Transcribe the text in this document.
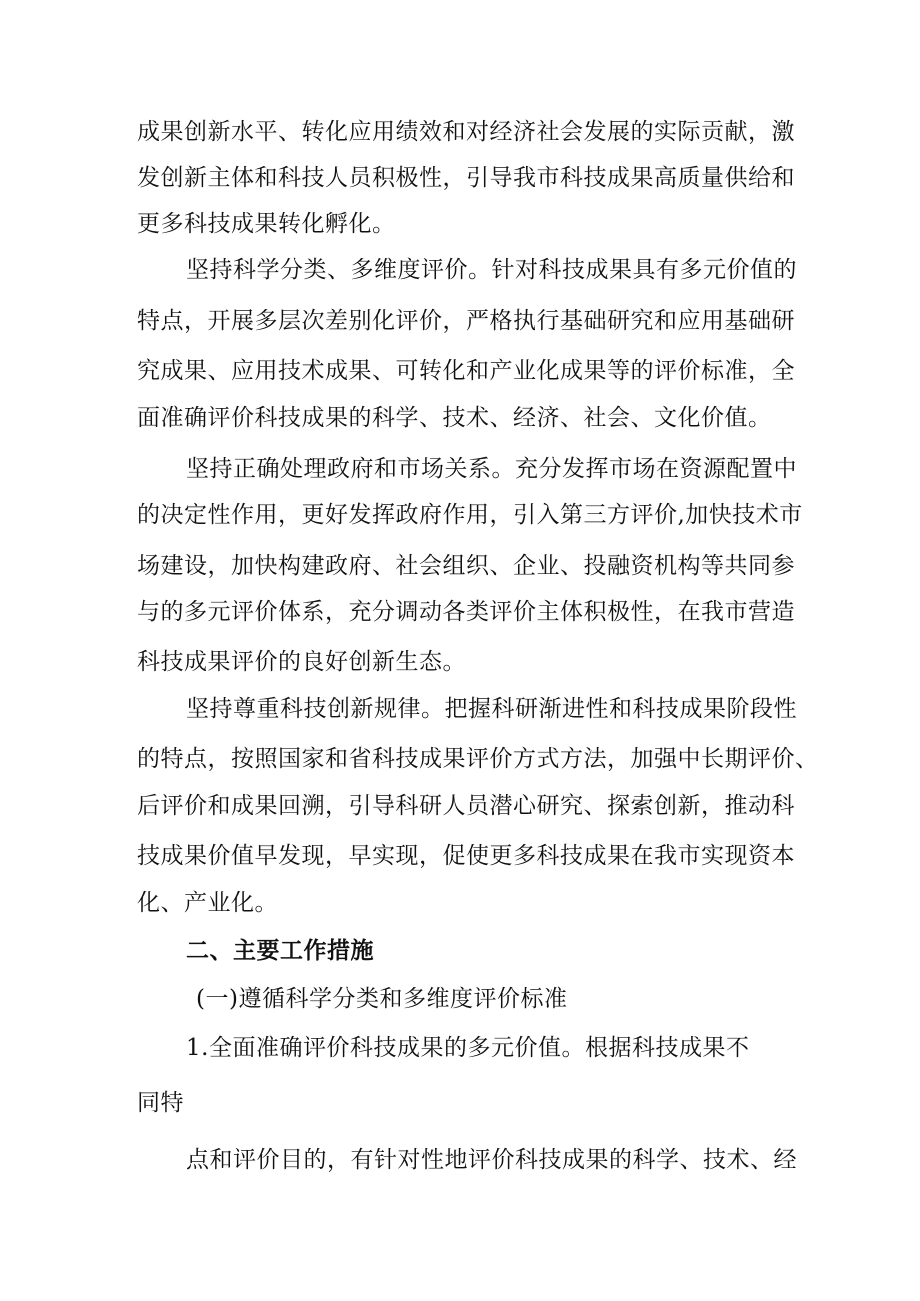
成果创新水平、转化应用绩效和对经济社会发展的实际贡献，激
发创新主体和科技人员积极性，引导我市科技成果高质量供给和
更多科技成果转化孵化。
坚持科学分类、多维度评价。针对科技成果具有多元价值的
特点，开展多层次差别化评价，严格执行基础研究和应用基础研
究成果、应用技术成果、可转化和产业化成果等的评价标准，全
面准确评价科技成果的科学、技术、经济、社会、文化价值。
坚持正确处理政府和市场关系。充分发挥市场在资源配置中
的决定性作用，更好发挥政府作用，引入第三方评价,加快技术市
场建设，加快构建政府、社会组织、企业、投融资机构等共同参
与的多元评价体系，充分调动各类评价主体积极性，在我市营造
科技成果评价的良好创新生态。
坚持尊重科技创新规律。把握科研渐进性和科技成果阶段性
的特点，按照国家和省科技成果评价方式方法，加强中长期评价、
后评价和成果回溯，引导科研人员潜心研究、探索创新，推动科
技成果价值早发现，早实现，促使更多科技成果在我市实现资本
化、产业化。
二、主要工作措施
(一)遵循科学分类和多维度评价标准
1.全面准确评价科技成果的多元价值。根据科技成果不
同特
点和评价目的，有针对性地评价科技成果的科学、技术、经
